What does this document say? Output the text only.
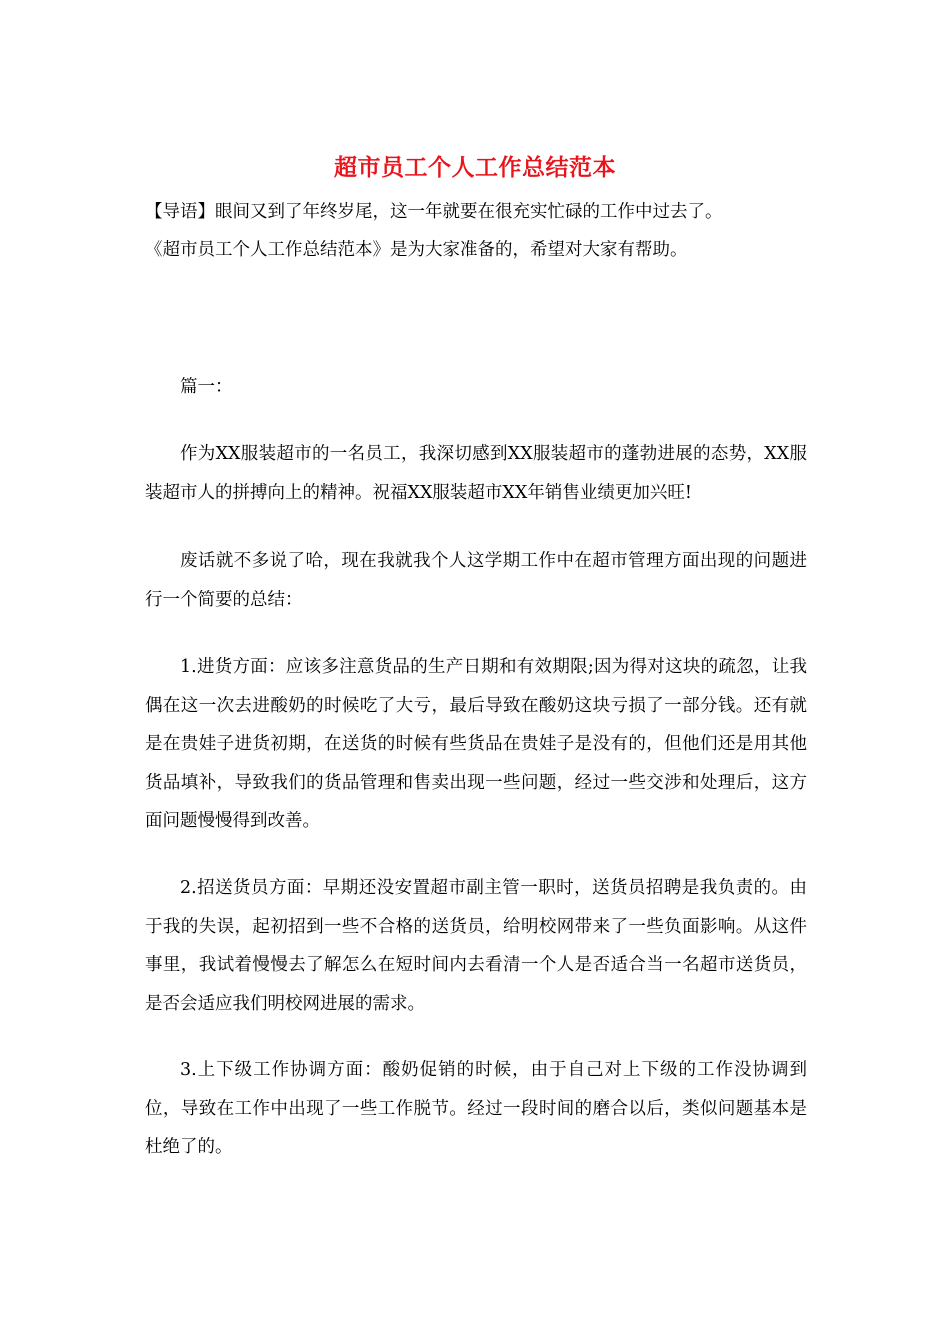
超市员工个人工作总结范本

【导语】眼间又到了年终岁尾，这一年就要在很充实忙碌的工作中过去了。

《超市员工个人工作总结范本》是为大家准备的，希望对大家有帮助。

篇一：

作为XX服装超市的一名员工，我深切感到XX服装超市的蓬勃进展的态势，XX服装超市人的拼搏向上的精神。祝福XX服装超市XX年销售业绩更加兴旺!

废话就不多说了哈，现在我就我个人这学期工作中在超市管理方面出现的问题进行一个简要的总结：

1.进货方面：应该多注意货品的生产日期和有效期限;因为得对这块的疏忽，让我偶在这一次去进酸奶的时候吃了大亏，最后导致在酸奶这块亏损了一部分钱。还有就是在贵娃子进货初期，在送货的时候有些货品在贵娃子是没有的，但他们还是用其他货品填补，导致我们的货品管理和售卖出现一些问题，经过一些交涉和处理后，这方面问题慢慢得到改善。

2.招送货员方面：早期还没安置超市副主管一职时，送货员招聘是我负责的。由于我的失误，起初招到一些不合格的送货员，给明校网带来了一些负面影响。从这件事里，我试着慢慢去了解怎么在短时间内去看清一个人是否适合当一名超市送货员，是否会适应我们明校网进展的需求。

3.上下级工作协调方面：酸奶促销的时候，由于自己对上下级的工作没协调到位，导致在工作中出现了一些工作脱节。经过一段时间的磨合以后，类似问题基本是杜绝了的。
